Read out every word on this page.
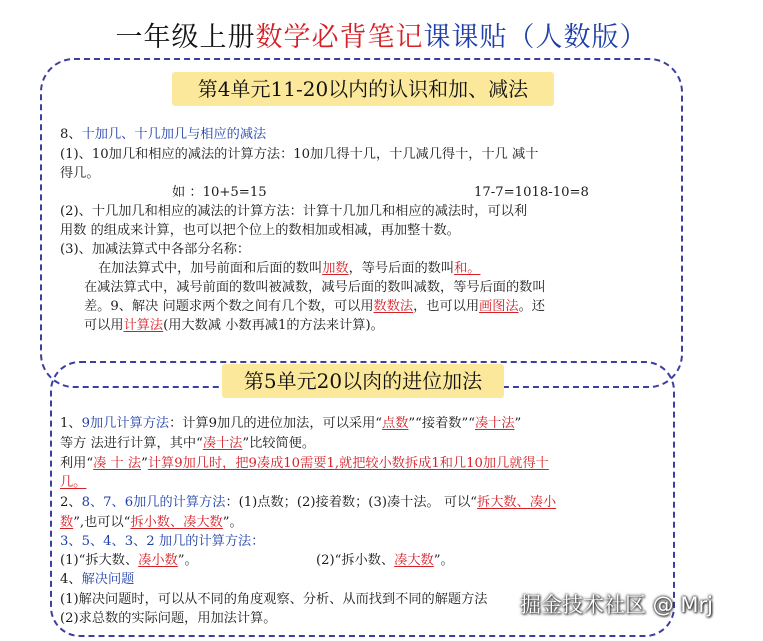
一年级上册数学必背笔记课课贴（人数版）
第4单元11-20以内的认识和加、减法
8、十加几、十几加几与相应的减法
(1)、10加几和相应的减法的计算方法：10加几得十几，十几减几得十，十几 减十
得几。
如 ：10+5=15	17-7=1018-10=8
(2)、十几加几和相应的减法的计算方法：计算十几加几和相应的减法时，可以利
用数 的组成来计算，也可以把个位上的数相加或相减，再加整十数。
(3)、加减法算式中各部分名称：
在加法算式中，加号前面和后面的数叫加数，等号后面的数叫和。
在减法算式中，减号前面的数叫被减数，减号后面的数叫减数，等号后面的数叫
差。9、解决 问题求两个数之间有几个数，可以用数数法，也可以用画图法。还
可以用计算法(用大数减 小数再减1的方法来计算)。
第5单元20以肉的进位加法
1、9加几计算方法：计算9加几的进位加法，可以采用“点数”“接着数”“凑十法”
等方 法进行计算，其中“凑十法”比较简便。
利用“凑 十 法”计算9加几时，把9凑成10需要1,就把较小数拆成1和几10加几就得十
几。
2、8、7、6加几的计算方法：(1)点数；(2)接着数；(3)凑十法。 可以“拆大数、凑小
数”,也可以“拆小数、凑大数”。
3、5、4、3、2 加几的计算方法：
(1)“拆大数、凑小数”。	(2)“拆小数、凑大数”。
4、解决问题
(1)解决问题时，可以从不同的角度观察、分析、从而找到不同的解题方法
(2)求总数的实际问题，用加法计算。
掘金技术社区 @ Mrj
